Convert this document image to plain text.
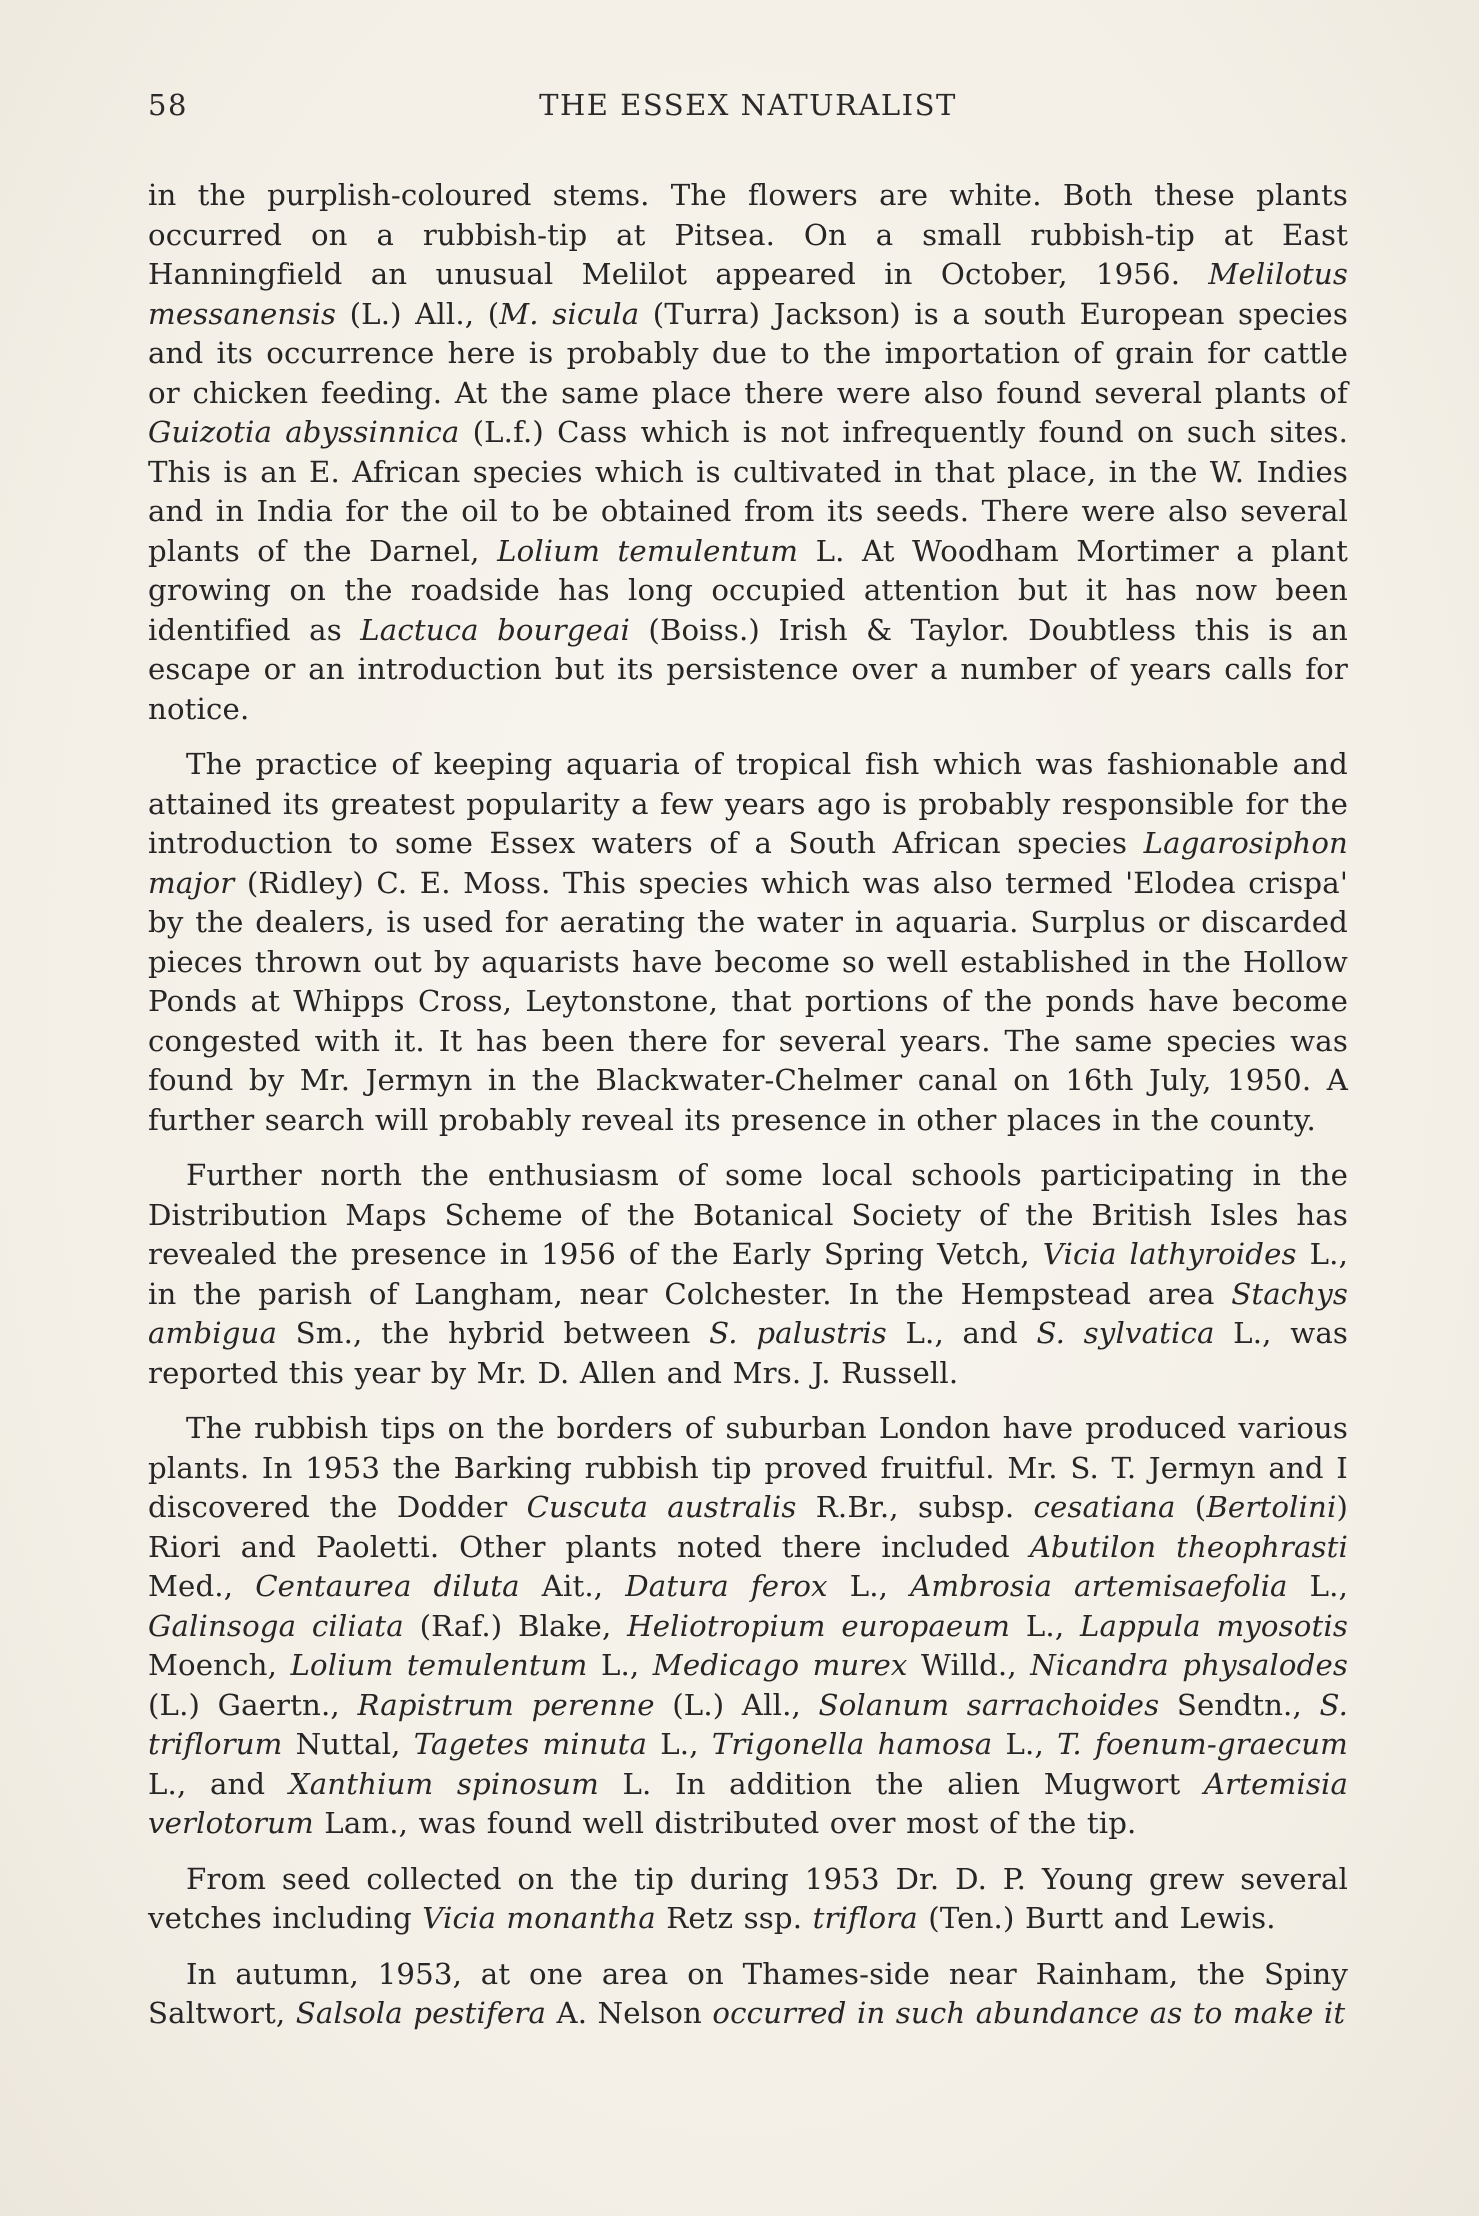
58	THE ESSEX NATURALIST

in the purplish-coloured stems. The flowers are white. Both these plants occurred on a rubbish-tip at Pitsea. On a small rubbish-tip at East Hanningfield an unusual Melilot appeared in October, 1956. Melilotus messanensis (L.) All., (M. sicula (Turra) Jackson) is a south European species and its occurrence here is probably due to the importation of grain for cattle or chicken feeding. At the same place there were also found several plants of Guizotia abyssinnica (L.f.) Cass which is not infrequently found on such sites. This is an E. African species which is cultivated in that place, in the W. Indies and in India for the oil to be obtained from its seeds. There were also several plants of the Darnel, Lolium temulentum L. At Woodham Mortimer a plant growing on the roadside has long occupied attention but it has now been identified as Lactuca bourgeai (Boiss.) Irish & Taylor. Doubtless this is an escape or an introduction but its persistence over a number of years calls for notice.

The practice of keeping aquaria of tropical fish which was fashionable and attained its greatest popularity a few years ago is probably responsible for the introduction to some Essex waters of a South African species Lagarosiphon major (Ridley) C. E. Moss. This species which was also termed 'Elodea crispa' by the dealers, is used for aerating the water in aquaria. Surplus or discarded pieces thrown out by aquarists have become so well established in the Hollow Ponds at Whipps Cross, Leytonstone, that portions of the ponds have become congested with it. It has been there for several years. The same species was found by Mr. Jermyn in the Blackwater-Chelmer canal on 16th July, 1950. A further search will probably reveal its presence in other places in the county.

Further north the enthusiasm of some local schools participating in the Distribution Maps Scheme of the Botanical Society of the British Isles has revealed the presence in 1956 of the Early Spring Vetch, Vicia lathyroides L., in the parish of Langham, near Colchester. In the Hempstead area Stachys ambigua Sm., the hybrid between S. palustris L., and S. sylvatica L., was reported this year by Mr. D. Allen and Mrs. J. Russell.

The rubbish tips on the borders of suburban London have produced various plants. In 1953 the Barking rubbish tip proved fruitful. Mr. S. T. Jermyn and I discovered the Dodder Cuscuta australis R.Br., subsp. cesatiana (Bertolini) Riori and Paoletti. Other plants noted there included Abutilon theophrasti Med., Centaurea diluta Ait., Datura ferox L., Ambrosia artemisaefolia L., Galinsoga ciliata (Raf.) Blake, Heliotropium europaeum L., Lappula myosotis Moench, Lolium temulentum L., Medicago murex Willd., Nicandra physalodes (L.) Gaertn., Rapistrum perenne (L.) All., Solanum sarrachoides Sendtn., S. triflorum Nuttal, Tagetes minuta L., Trigonella hamosa L., T. foenum-graecum L., and Xanthium spinosum L. In addition the alien Mugwort Artemisia verlotorum Lam., was found well distributed over most of the tip.

From seed collected on the tip during 1953 Dr. D. P. Young grew several vetches including Vicia monantha Retz ssp. triflora (Ten.) Burtt and Lewis.

In autumn, 1953, at one area on Thames-side near Rainham, the Spiny Saltwort, Salsola pestifera A. Nelson occurred in such abundance as to make it
